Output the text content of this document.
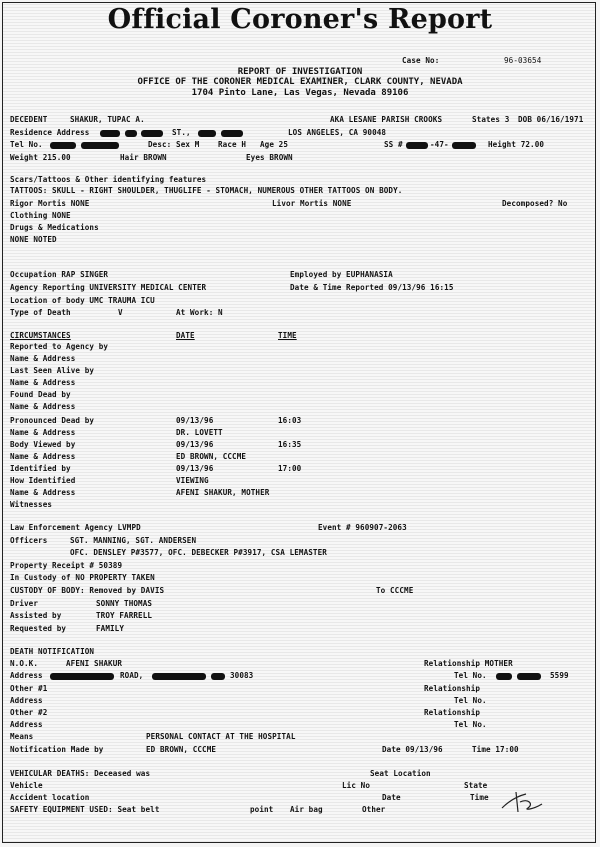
Official Coroner's Report
Case No:	96-03654
REPORT OF INVESTIGATION
OFFICE OF THE CORONER MEDICAL EXAMINER, CLARK COUNTY, NEVADA
1704 Pinto Lane, Las Vegas, Nevada 89106
DECEDENT	SHAKUR, TUPAC A.	AKA LESANE PARISH CROOKS	States 3 DOB 06/16/1971
Residence Address
	ST.,
	LOS ANGELES, CA 90048
Tel No.
	Desc: Sex M Race H Age 25	SS #	-47-	Height 72.00
Weight 215.00	Hair BROWN	Eyes BROWN
Scars/Tattoos & Other identifying features
TATTOOS: SKULL - RIGHT SHOULDER, THUGLIFE - STOMACH, NUMEROUS OTHER TATTOOS ON BODY.
Rigor Mortis NONE	Livor Mortis NONE	Decomposed? No
Clothing NONE
Drugs & Medications
NONE NOTED
Occupation RAP SINGER	Employed by EUPHANASIA
Agency Reporting UNIVERSITY MEDICAL CENTER	Date & Time Reported 09/13/96 16:15
Location of body UMC TRAUMA ICU
Type of Death	V	At Work: N
CIRCUMSTANCES	DATE	TIME
Reported to Agency by
Name & Address
Last Seen Alive by
Name & Address
Found Dead by
Name & Address
Pronounced Dead by	09/13/96	16:03
Name & Address	DR. LOVETT
Body Viewed by	09/13/96	16:35
Name & Address	ED BROWN, CCCME
Identified by	09/13/96	17:00
How Identified	VIEWING
Name & Address	AFENI SHAKUR, MOTHER
Witnesses
Law Enforcement Agency LVMPD	Event # 960907-2063
Officers	SGT. MANNING, SGT. ANDERSEN
OFC. DENSLEY P#3577, OFC. DEBECKER P#3917, CSA LEMASTER
Property Receipt # 50389
In Custody of NO PROPERTY TAKEN
CUSTODY OF BODY: Removed by DAVIS	To CCCME
Driver	SONNY THOMAS
Assisted by	TROY FARRELL
Requested by	FAMILY
DEATH NOTIFICATION
N.O.K.	AFENI SHAKUR	Relationship MOTHER
Address	ROAD,
	30083	Tel No.
	5599
Other #1	Relationship
Address	Tel No.
Other #2	Relationship
Address	Tel No.
Means	PERSONAL CONTACT AT THE HOSPITAL
Notification Made by	ED BROWN, CCCME	Date 09/13/96	Time 17:00
VEHICULAR DEATHS: Deceased was	Seat Location
Vehicle	Lic No	State
Accident location	Date	Time
SAFETY EQUIPMENT USED: Seat belt	point Air bag	Other
